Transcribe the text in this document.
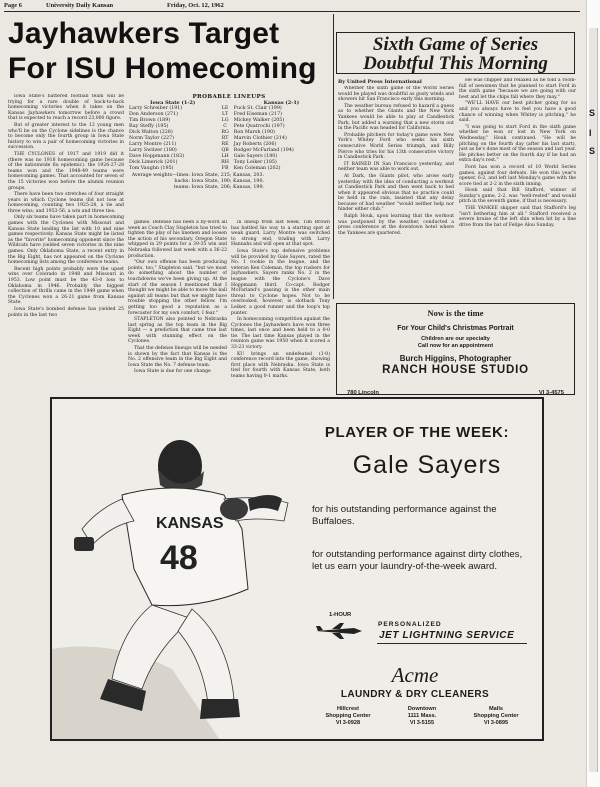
Page 6	University Daily Kansan	Friday, Oct. 12, 1962
Jayhawkers Target
For ISU Homecoming

Iowa State's battered football team will be trying for a rare double of back-to-back homecoming victories when it takes on the Kansas Jayhawkers tomorrow before a crowd that is expected to reach a record 23,000 figure.

But of greater interest to the 12 young men who'll be on the Cyclone sidelines is the chance to become only the fourth group in Iowa State history to win a pair of homecoming victories in succession.

THE CYCLONES of 1917 and 1919 did it (there was no 1918 homecoming game because of the nationwide flu epidemic). the 1926-27-28 teams won and the 1948-49 teams were homecoming games. That accounted for seven of the 15 victories won before the alumni reunion groups.

There have been two stretches of four straight years in which Cyclone teams did not lose at homecoming, counting two 1925-28, a tie and three wins; and 1953-56, a win and three ties.

Only six teams have taken part in homecoming games with the Cyclones with Missouri and Kansas State leading the list with 10 and nine games respectively. Kansas State might be listed as the "favorite" homecoming opponent since the Wildcats have yielded seven victories in the nine games. Only Oklahoma State, a recent entry in the Big Eight, has not appeared on the Cyclone homecoming lists among the conference teams.

Recent high points probably were the upset wins over Colorado in 1948 and Missouri in 1953. Low point must be the 43-0 loss to Oklahoma in 1946. Probably the biggest collection of thrills came in the 1949 game when the Cyclones won a 26-21 game from Kansas State.

Iowa State's bombed defense has yielded 25 points in the last two

PROBABLE LINEUPS
Iowa State (1-2)		Kansas (2-1)
Larry Schreiber (191)	LE	Puck St. Clair (199)
Don Anderson (271)	LT	Fred Eiseman (217)
Tim Brown (189)	LG	Mickey Walker (205)
Ray Steffy (195)	C	Pete Quatrochi (197)
Dick Walton (228)	RG	Ron Marsh (190)
Norm Taylor (227)	RT	Marvin Clothier (214)
Larry Montre (211)	RE	Jay Roberts (206)
Larry Switzer (180)	QB	Rodger McFarland (194)
Dave Hoppmann (183)	LH	Gale Sayers (180)
Dick Limerick (201)	RH	Tony Leiker (185)
Tom Vaughn (195)	FB	Ken Coleman (202)
Average weights—lines: Iowa State, 215; Kansas, 203.
backs: Iowa State, 190; Kansas, 190.
teams: Iowa State, 206; Kansas, 199.

games. Defense has been a by-word all week as Coach Clay Stapleton has tried to tighten the play of his linemen and loosen the action of his secondary. Oregon State whipped in 29 points for a 39-35 win and Nebraska followed last week with a 36-22 production.

"Our own offense has been producing points, too," Stapleton said, "but we must do something about the number of touchdowns we've been giving up. At the start of the season I mentioned that I thought we might be able to move the ball against all teams but that we might have trouble stopping the other fellow. I'm getting too good a reputation as a forecaster for my own comfort, I fear."

STAPLETON also pointed to Nebraska last spring as the top team in the Big Eight — a prediction that came true last week with stunning effect on the Cyclones.

That the defense lineups will be needed is shown by the fact that Kansas is the No. 2 offensive team in the Big Eight and Iowa State the No. 7 defense team.

Iowa State is due for one change

in lineup from last week. Tim Brown has battled his way to a starting spot at weak guard. Larry Montre was switched to strong end, trading with Larry Hannahs and will open at that spot.

Iowa State's top defensive problems will be provided by Gale Sayers, rated the No. 1 rookie in the league, and the veteran Ken Coleman, the top rushers for Jayhawkers. Sayers ranks No. 2 in the league with the Cyclone's Dave Hoppmann third. Co-capt. Rodger McFarland's passing is the other main threat to Cyclone hopes. Not to be overlooked, however, is slotback Tony Leiker, a good runner and the loop's top punter.

In homecoming competition against the Cyclones the Jayhawkers have won three times, last once and been held to a 0-0 tie. The last time Kansas played in the reunion game was 1950 when it scored a 33-23 victory.

KU brings an undefeated (1-0) conference record into the game, showing first place with Nebraska. Iowa State is tied for fourth with Kansas State, both teams having 0-1 marks.

Sixth Game of Series
Doubtful This Morning
By United Press International

Whether the sixth game of the World Series would be played was doubtful as gusty winds and showers hit San Francisco early this morning.

The weather bureau refused to hazard a guess as to whether the Giants and the New York Yankees would be able to play at Candlestick Park, but added a warning that a new storm out in the Pacific was headed for California.

Probable pitchers for today's game were New York's Whitey Ford who seeks his sixth consecutive World Series triumph, and Billy Pierce who tries for his 13th consecutive victory in Candlestick Park.

IT RAINED IN San Francisco yesterday, and neither team was able to work out.

At Dark, the Giants pilot, who arose early yesterday with the idea of conducting a workout at Candlestick Park and then went back to bed when it appeared obvious that no practice could be held in the rain, insisted that any delay because of bad weather "would neither help nor hinder either club."

Ralph Houk, upon learning that the workout was postponed by the weather, conducted a press conference at the downtown hotel where the Yankees are quartered.

He was chipper and relaxed as he told a room-full of newsmen that he planned to start Ford in the sixth game "because we are going with our best and let the chips fall where they may."

"WE'LL HAVE our best pitcher going for us and you always have to feel you have a good chance of winning when Whitey is pitching," he said.

"I was going to start Ford in the sixth game whether he won or lost in New York on Wednesday," Houk continued. "He will be pitching on the fourth day (after his last start), just as he's done most of the season and last year. He pitches better on the fourth day if he had an extra day's rest."

Ford has won a record of 10 World Series games, against four defeats. He won this year's opener, 6-2, and left last Monday's game with the score tied at 2-2 in the sixth inning.

Houk said that Bill Stafford, winner of Sunday's game, 2-2, was "well-rested" and would pitch in the seventh game, if that is necessary.

THE YANKEE skipper said that Stafford's leg "isn't bothering him at all." Stafford received a severe bruise of the left shin when hit by a line drive from the bat of Felipe Alou Sunday.

Now is the time
For Your Child's Christmas Portrait
Children are our specialty
Call now for an appointment
Burch Higgins, Photographer
RANCH HOUSE STUDIO
780 Lincoln	VI 3-4575
KANSAS
48
PLAYER OF THE WEEK:
Gale Sayers
for his outstanding performance against the Buffaloes.
for outstanding performance against dirty clothes, let us earn your laundry-of-the-week award.
1-HOUR
PERSONALIZED
JET LIGHTNING SERVICE
Acme
LAUNDRY & DRY CLEANERS
Hillcrest
Shopping Center
VI 3-0928
Downtown
1111 Mass.
VI 3-5155
Malls
Shopping Center
VI 3-0895
S
I
S
